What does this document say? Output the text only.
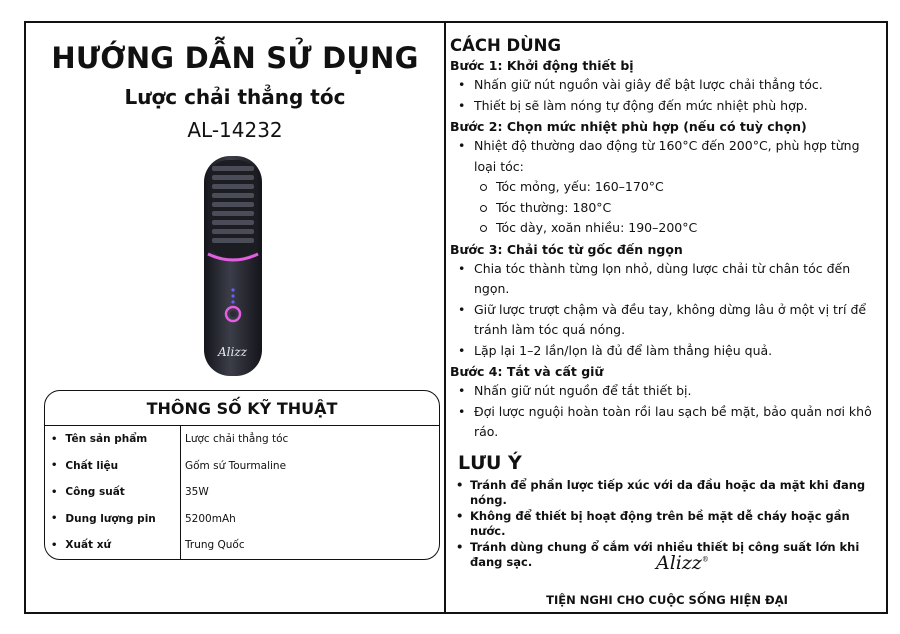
HƯỚNG DẪN SỬ DỤNG
Lược chải thẳng tóc
AL-14232
Alizz
THÔNG SỐ KỸ THUẬT
• Tên sản phẩm	Lược chải thẳng tóc
• Chất liệu	Gốm sứ Tourmaline
• Công suất	35W
• Dung lượng pin	5200mAh
• Xuất xứ	Trung Quốc
CÁCH DÙNG
Bước 1: Khởi động thiết bị
• Nhấn giữ nút nguồn vài giây để bật lược chải thẳng tóc.
• Thiết bị sẽ làm nóng tự động đến mức nhiệt phù hợp.
Bước 2: Chọn mức nhiệt phù hợp (nếu có tuỳ chọn)
• Nhiệt độ thường dao động từ 160°C đến 200°C, phù hợp từng loại tóc:
Tóc mỏng, yếu: 160–170°C
Tóc thường: 180°C
Tóc dày, xoăn nhiều: 190–200°C
Bước 3: Chải tóc từ gốc đến ngọn
• Chia tóc thành từng lọn nhỏ, dùng lược chải từ chân tóc đến ngọn.
• Giữ lược trượt chậm và đều tay, không dừng lâu ở một vị trí để tránh làm tóc quá nóng.
• Lặp lại 1–2 lần/lọn là đủ để làm thẳng hiệu quả.
Bước 4: Tắt và cất giữ
• Nhấn giữ nút nguồn để tắt thiết bị.
• Đợi lược nguội hoàn toàn rồi lau sạch bề mặt, bảo quản nơi khô ráo.
LƯU Ý
• Tránh để phần lược tiếp xúc với da đầu hoặc da mặt khi đang nóng.
• Không để thiết bị hoạt động trên bề mặt dễ cháy hoặc gần nước.
• Tránh dùng chung ổ cắm với nhiều thiết bị công suất lớn khi đang sạc.	Alizz®
TIỆN NGHI CHO CUỘC SỐNG HIỆN ĐẠI
